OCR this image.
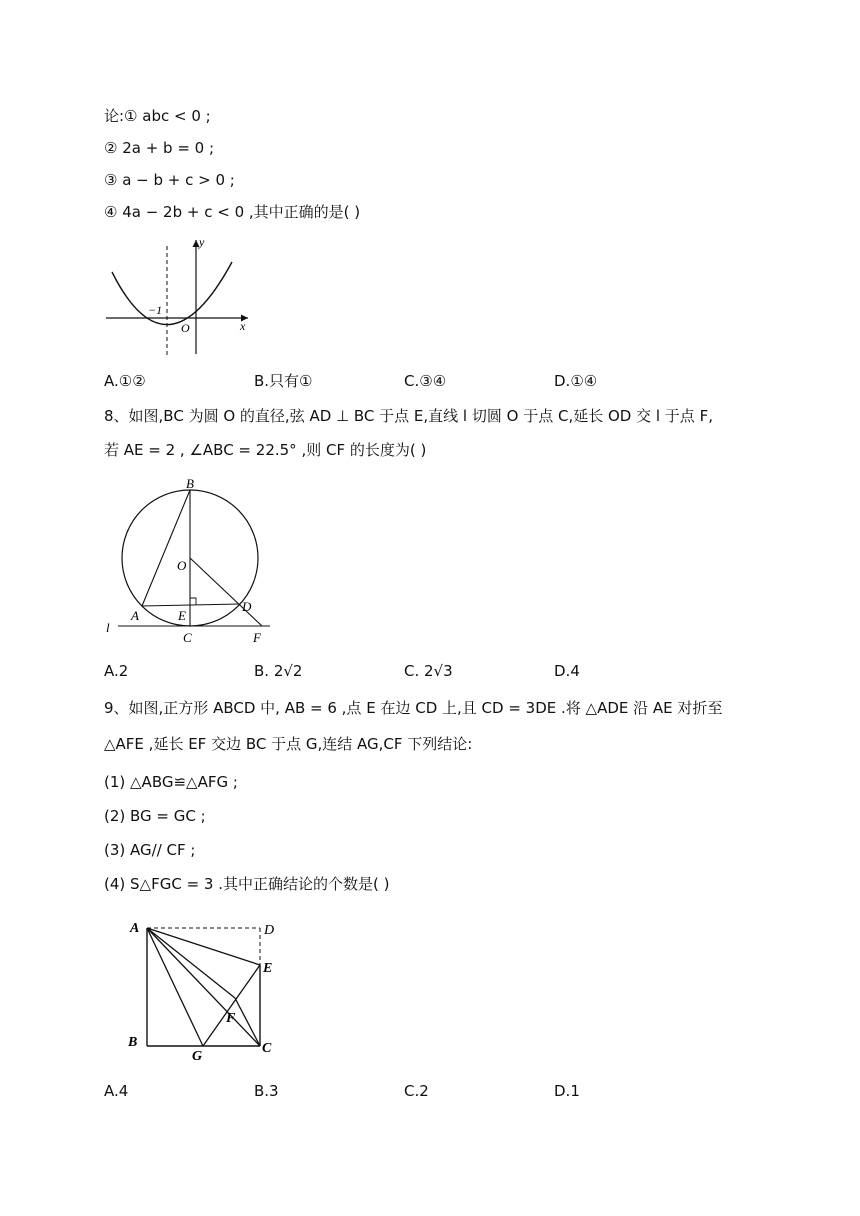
论:① abc < 0 ;
② 2a + b = 0 ;
③ a − b + c > 0 ;
④ 4a − 2b + c < 0 ,其中正确的是( )
y
x
−1
O
A.①②	B.只有①	C.③④	D.①④
8、如图,BC 为圆 O 的直径,弦 AD ⊥ BC 于点 E,直线 l 切圆 O 于点 C,延长 OD 交 l 于点 F,
若 AE = 2 , ∠ABC = 22.5° ,则 CF 的长度为( )
B
O
A	E
D
C	F
l
A.2	B. 2√2	C. 2√3	D.4
9、如图,正方形 ABCD 中, AB = 6 ,点 E 在边 CD 上,且 CD = 3DE .将 △ADE 沿 AE 对折至
△AFE ,延长 EF 交边 BC 于点 G,连结 AG,CF 下列结论:
(1) △ABG≌△AFG ;
(2) BG = GC ;
(3) AG// CF ;
(4) S△FGC = 3 .其中正确结论的个数是( )
A	D
E
F
B
G
C
A.4	B.3	C.2	D.1
